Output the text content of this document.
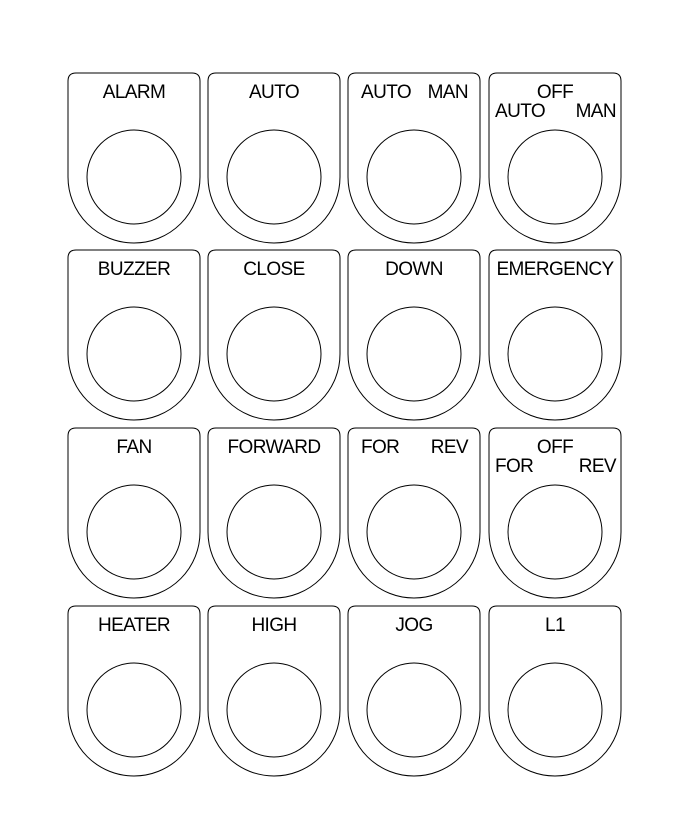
ALARM	AUTO	AUTO MAN	OFF
AUTO MAN
BUZZER	CLOSE	DOWN	EMERGENCY
FAN	FORWARD FOR REV	OFF
FOR REV
HEATER	HIGH	JOG	L1
